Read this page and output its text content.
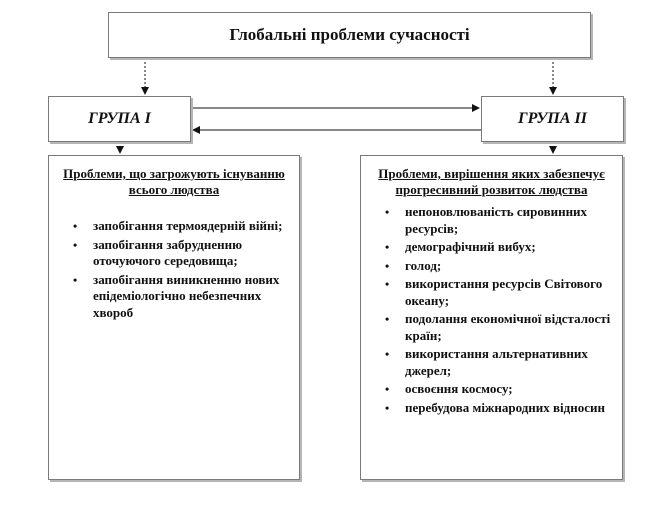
Глобальні проблеми сучасності
ГРУПА I	ГРУПА II
Проблеми, що загрожують існуванню всього людства
• запобігання термоядерній війні;
• запобігання забрудненню оточуючого середовища;
• запобігання виникненню нових епідеміологічно небезпечних хвороб
Проблеми, вирішення яких забезпечує прогресивний розвиток людства
• непоновлюваність сировинних ресурсів;
• демографічний вибух;
• голод;
• використання ресурсів Світового океану;
• подолання економічної відсталості країн;
• використання альтернативних джерел;
• освоєння космосу;
• перебудова міжнародних відносин
